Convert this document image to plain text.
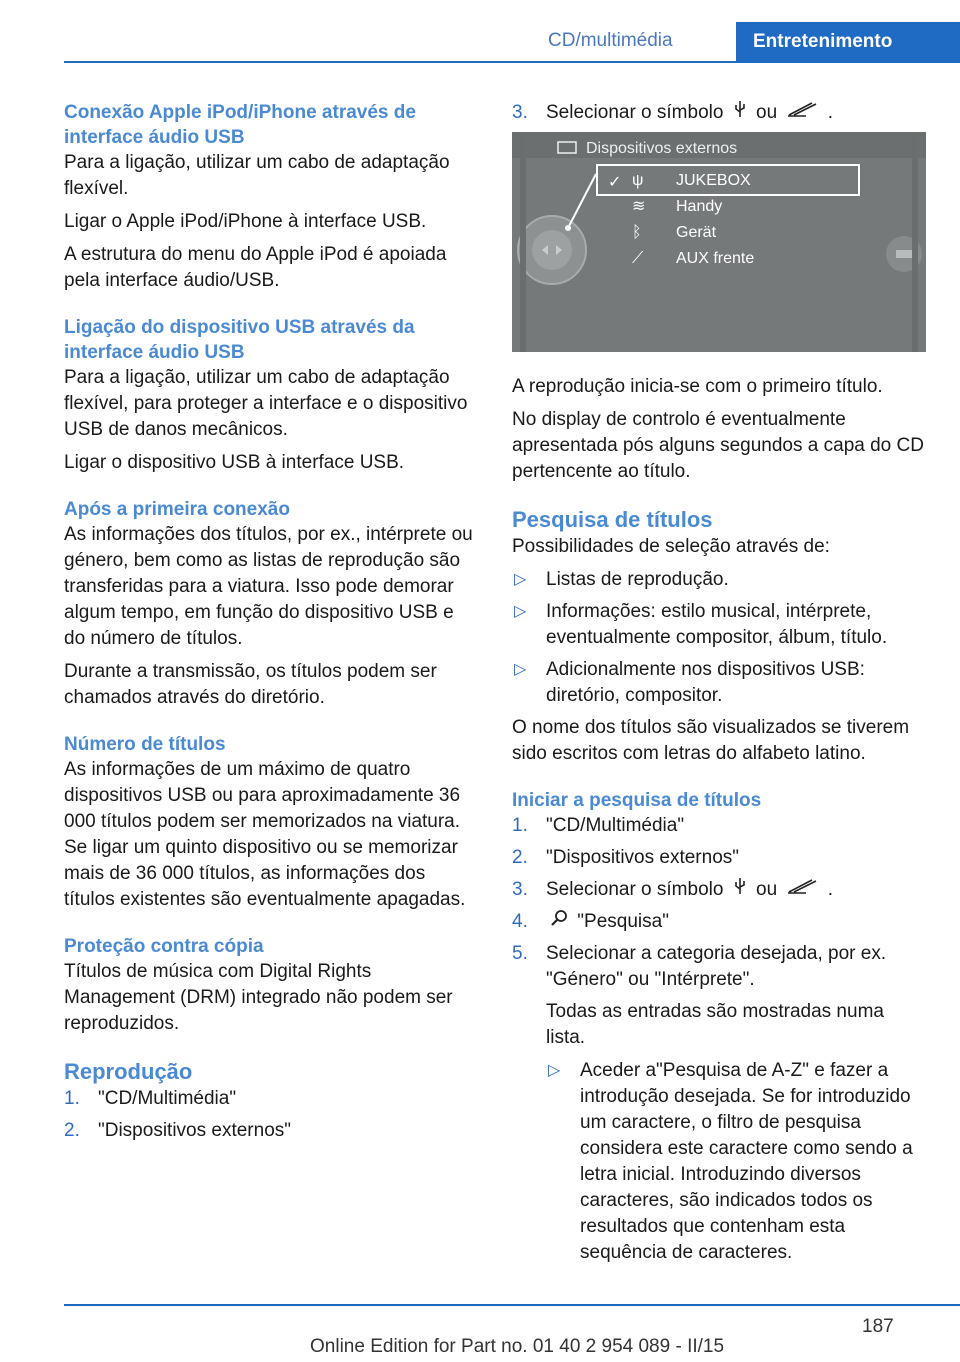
CD/multimédia	Entretenimento
Conexão Apple iPod/iPhone através de interface áudio USB

Para a ligação, utilizar um cabo de adaptação flexível.

Ligar o Apple iPod/iPhone à interface USB.

A estrutura do menu do Apple iPod é apoiada pela interface áudio/USB.

Ligação do dispositivo USB através da interface áudio USB

Para a ligação, utilizar um cabo de adaptação flexível, para proteger a interface e o dispositivo USB de danos mecânicos.

Ligar o dispositivo USB à interface USB.

Após a primeira conexão

As informações dos títulos, por ex., intérprete ou género, bem como as listas de reprodução são transferidas para a viatura. Isso pode demorar algum tempo, em função do dispositivo USB e do número de títulos.

Durante a transmissão, os títulos podem ser chamados através do diretório.

Número de títulos

As informações de um máximo de quatro dispositivos USB ou para aproximadamente 36 000 títulos podem ser memorizados na viatura. Se ligar um quinto dispositivo ou se memorizar mais de 36 000 títulos, as informações dos títulos existentes são eventualmente apagadas.

Proteção contra cópia

Títulos de música com Digital Rights Management (DRM) integrado não podem ser reproduzidos.

Reprodução
1. "CD/Multimédia"
2. "Dispositivos externos"
3. Selecionar o símbolo ou	.
Dispositivos externos
✓ ψ
≋
ᛒ
⟋
JUKEBOX
Handy
Gerät
AUX frente

A reprodução inicia-se com o primeiro título.

No display de controlo é eventualmente apresentada pós alguns segundos a capa do CD pertencente ao título.

Pesquisa de títulos

Possibilidades de seleção através de:

▷ Listas de reprodução.
▷ Informações: estilo musical, intérprete, eventualmente compositor, álbum, título.
▷ Adicionalmente nos dispositivos USB: diretório, compositor.

O nome dos títulos são visualizados se tiverem sido escritos com letras do alfabeto latino.

Iniciar a pesquisa de títulos
1. "CD/Multimédia"
2. "Dispositivos externos"
3. Selecionar o símbolo ou	.
4.	"Pesquisa"
5. Selecionar a categoria desejada, por ex. "Género" ou "Intérprete".

Todas as entradas são mostradas numa lista.

▷ Aceder a"Pesquisa de A-Z" e fazer a introdução desejada. Se for introduzido um caractere, o filtro de pesquisa considera este caractere como sendo a letra inicial. Introduzindo diversos caracteres, são indicados todos os resultados que contenham esta sequência de caracteres.
187
Online Edition for Part no. 01 40 2 954 089 - II/15
